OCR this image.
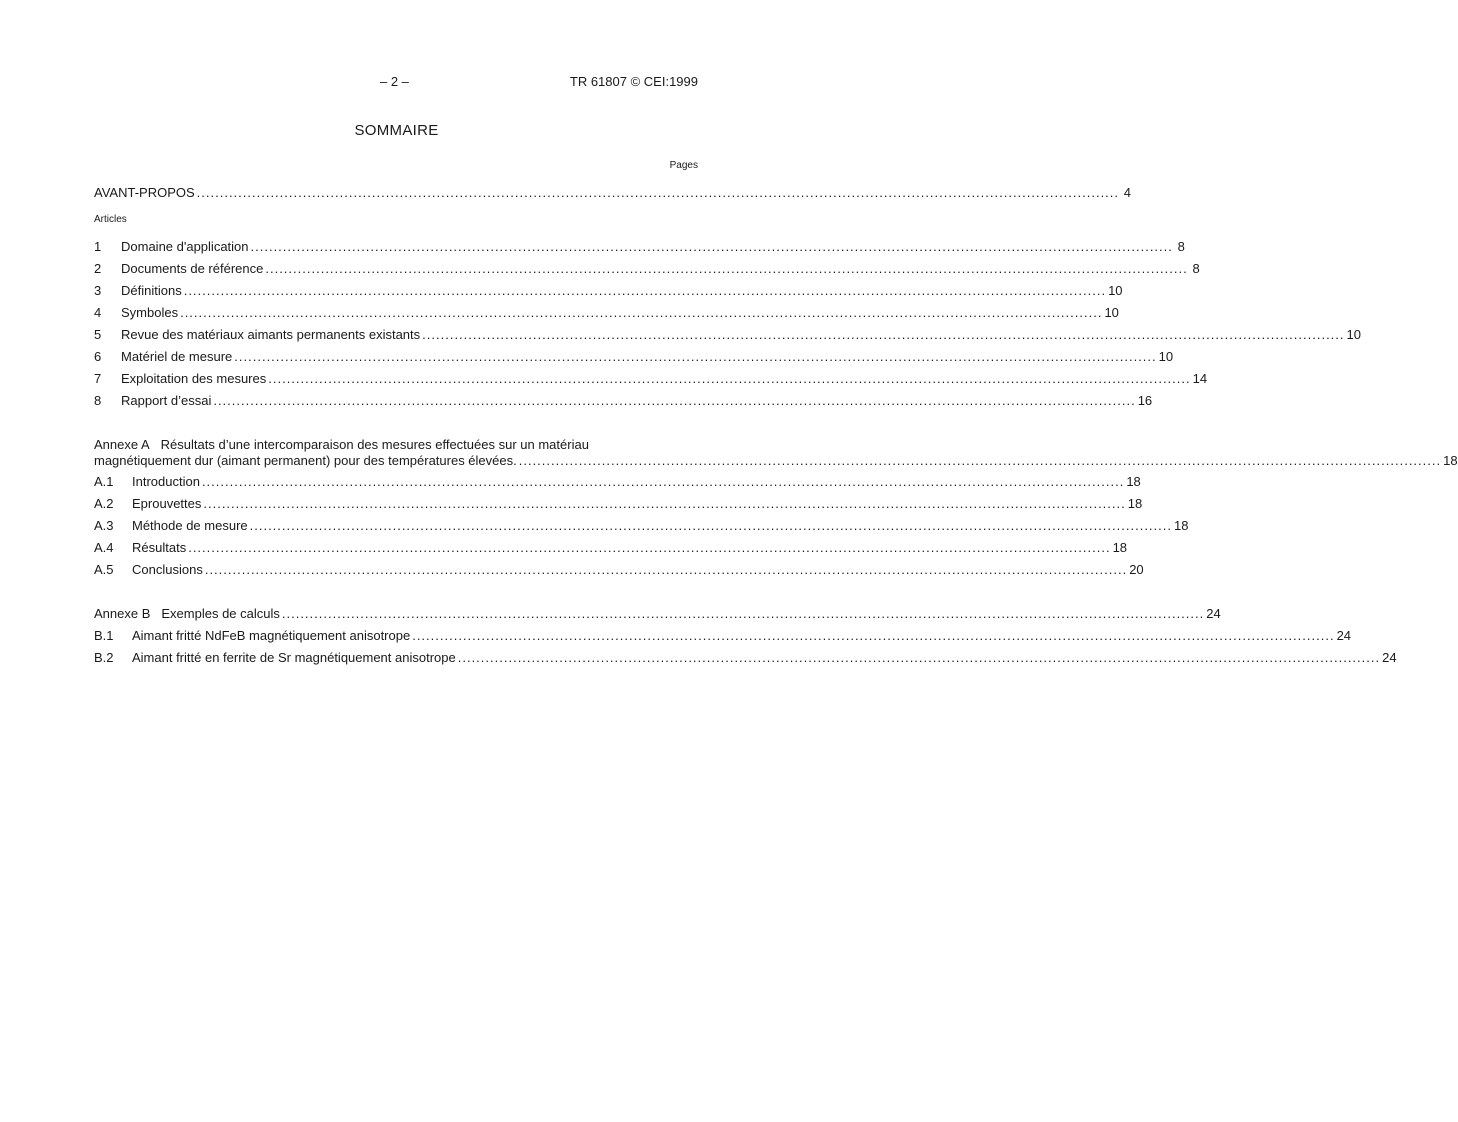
– 2 –	TR 61807 © CEI:1999
SOMMAIRE
Pages
AVANT-PROPOS ........................................................................................................................................................................................................ 4
Articles
1	Domaine d'application ........................................................................................................................................................................................................ 8
2	Documents de référence ........................................................................................................................................................................................................ 8
3	Définitions ........................................................................................................................................................................................................ 10
4	Symboles ........................................................................................................................................................................................................ 10
5	Revue des matériaux aimants permanents existants ........................................................................................................................................................................................................ 10
6	Matériel de mesure ........................................................................................................................................................................................................ 10
7	Exploitation des mesures ........................................................................................................................................................................................................ 14
8	Rapport d’essai ........................................................................................................................................................................................................ 16
Annexe A Résultats d’une intercomparaison des mesures effectuées sur un matériau
magnétiquement dur (aimant permanent) pour des températures élevées. ........................................................................................................................................................................................................ 18
A.1	Introduction ........................................................................................................................................................................................................ 18
A.2	Eprouvettes ........................................................................................................................................................................................................ 18
A.3	Méthode de mesure ........................................................................................................................................................................................................ 18
A.4	Résultats ........................................................................................................................................................................................................ 18
A.5	Conclusions ........................................................................................................................................................................................................ 20
Annexe B Exemples de calculs ........................................................................................................................................................................................................ 24
B.1	Aimant fritté NdFeB magnétiquement anisotrope ........................................................................................................................................................................................................ 24
B.2	Aimant fritté en ferrite de Sr magnétiquement anisotrope ........................................................................................................................................................................................................ 24
